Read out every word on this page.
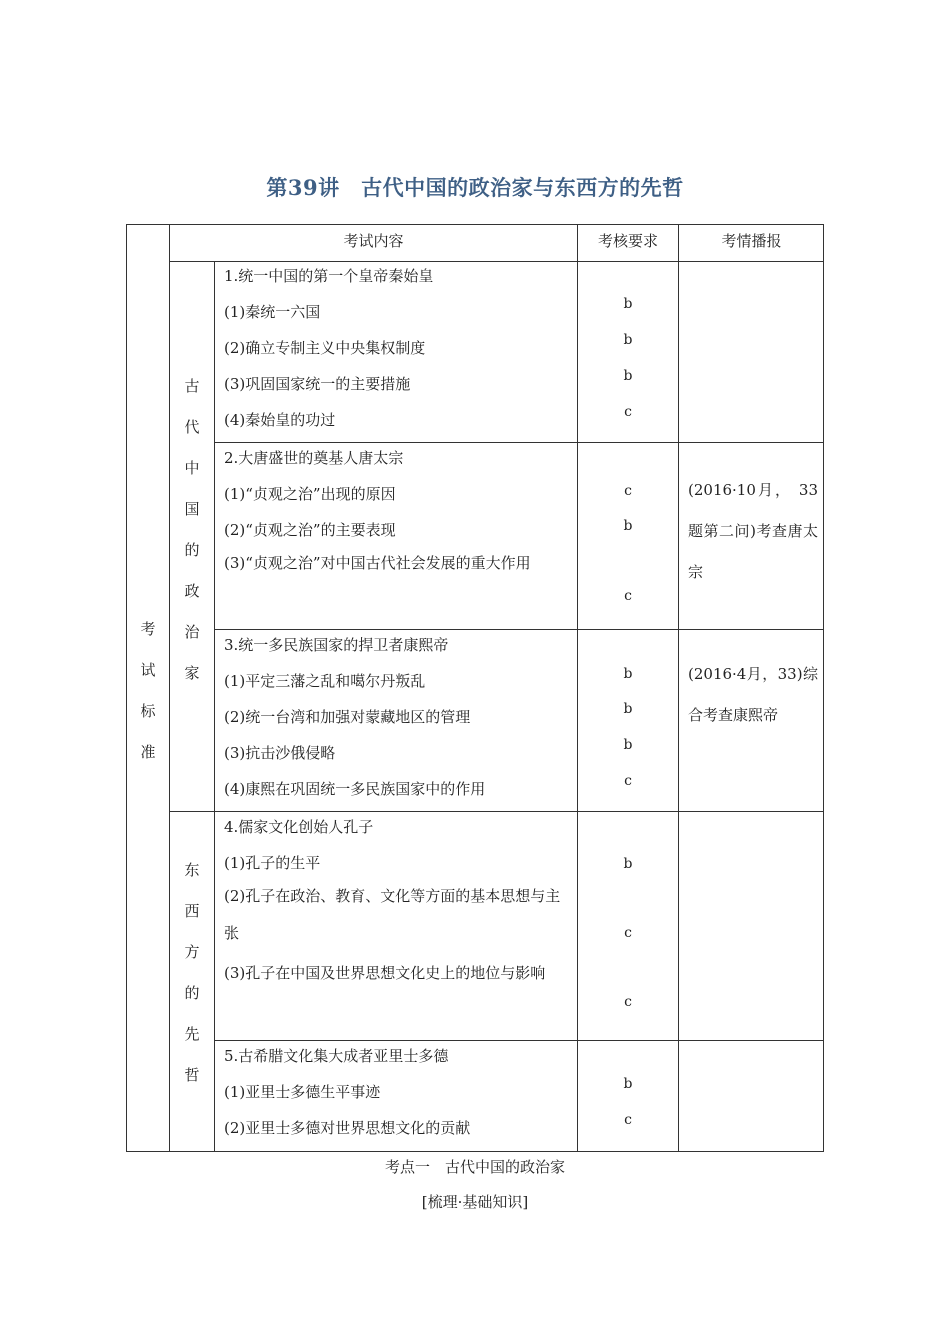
第39讲　古代中国的政治家与东西方的先哲
考试内容	考核要求	考情播报
考试标准
古代中国的政治家
东西方的先哲
1.统一中国的第一个皇帝秦始皇
(1)秦统一六国
(2)确立专制主义中央集权制度
(3)巩固国家统一的主要措施
(4)秦始皇的功过
b
b
b
c
2.大唐盛世的奠基人唐太宗
(1)“贞观之治”出现的原因
(2)“贞观之治”的主要表现
(3)“贞观之治”对中国古代社会发展的重大作用
c
b
c
(2016·10月， 33题第二问)考查唐太宗
3.统一多民族国家的捍卫者康熙帝
(1)平定三藩之乱和噶尔丹叛乱
(2)统一台湾和加强对蒙藏地区的管理
(3)抗击沙俄侵略
(4)康熙在巩固统一多民族国家中的作用
b
b
b
c
(2016·4月，33)综合考查康熙帝
4.儒家文化创始人孔子
(1)孔子的生平
(2)孔子在政治、教育、文化等方面的基本思想与主张
(3)孔子在中国及世界思想文化史上的地位与影响
b
c
c
5.古希腊文化集大成者亚里士多德
(1)亚里士多德生平事迹
(2)亚里士多德对世界思想文化的贡献
b
c
考点一　古代中国的政治家
[梳理·基础知识]
